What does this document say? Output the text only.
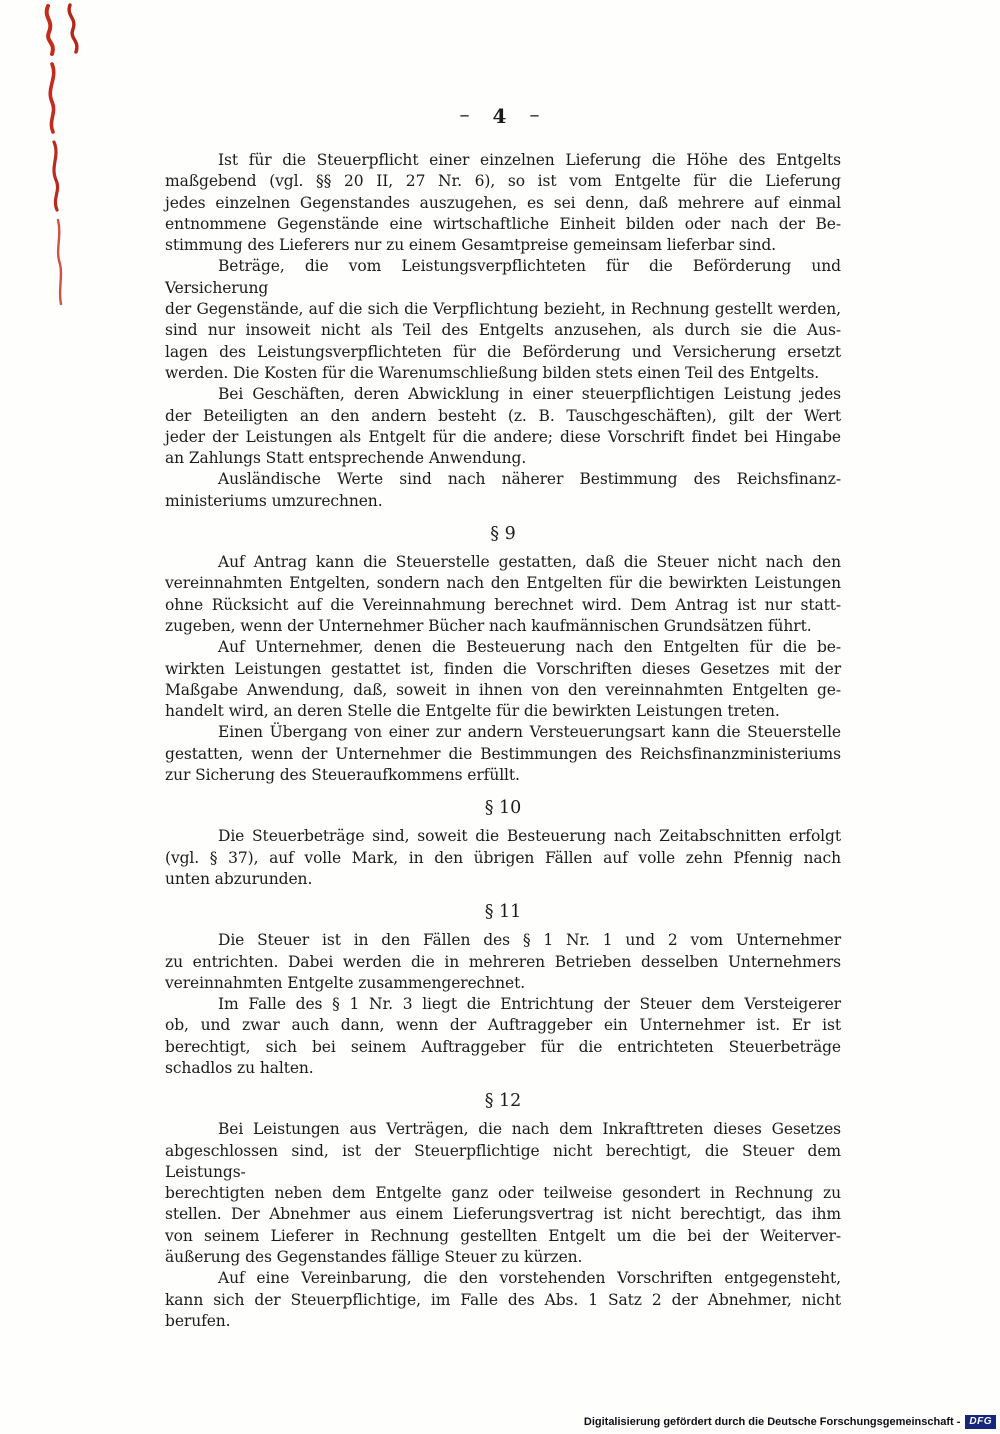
– 4 –
Ist für die Steuerpflicht einer einzelnen Lieferung die Höhe des Entgelts
maßgebend (vgl. §§ 20 II, 27 Nr. 6), so ist vom Entgelte für die Lieferung
jedes einzelnen Gegenstandes auszugehen, es sei denn, daß mehrere auf einmal
entnommene Gegenstände eine wirtschaftliche Einheit bilden oder nach der Be-
stimmung des Lieferers nur zu einem Gesamtpreise gemeinsam lieferbar sind.
Beträge, die vom Leistungsverpflichteten für die Beförderung und Versicherung
der Gegenstände, auf die sich die Verpflichtung bezieht, in Rechnung gestellt werden,
sind nur insoweit nicht als Teil des Entgelts anzusehen, als durch sie die Aus-
lagen des Leistungsverpflichteten für die Beförderung und Versicherung ersetzt
werden. Die Kosten für die Warenumschließung bilden stets einen Teil des Entgelts.
Bei Geschäften, deren Abwicklung in einer steuerpflichtigen Leistung jedes
der Beteiligten an den andern besteht (z. B. Tauschgeschäften), gilt der Wert
jeder der Leistungen als Entgelt für die andere; diese Vorschrift findet bei Hingabe
an Zahlungs Statt entsprechende Anwendung.
Ausländische Werte sind nach näherer Bestimmung des Reichsfinanz-
ministeriums umzurechnen.
§ 9
Auf Antrag kann die Steuerstelle gestatten, daß die Steuer nicht nach den
vereinnahmten Entgelten, sondern nach den Entgelten für die bewirkten Leistungen
ohne Rücksicht auf die Vereinnahmung berechnet wird. Dem Antrag ist nur statt-
zugeben, wenn der Unternehmer Bücher nach kaufmännischen Grundsätzen führt.
Auf Unternehmer, denen die Besteuerung nach den Entgelten für die be-
wirkten Leistungen gestattet ist, finden die Vorschriften dieses Gesetzes mit der
Maßgabe Anwendung, daß, soweit in ihnen von den vereinnahmten Entgelten ge-
handelt wird, an deren Stelle die Entgelte für die bewirkten Leistungen treten.
Einen Übergang von einer zur andern Versteuerungsart kann die Steuerstelle
gestatten, wenn der Unternehmer die Bestimmungen des Reichsfinanzministeriums
zur Sicherung des Steueraufkommens erfüllt.
§ 10
Die Steuerbeträge sind, soweit die Besteuerung nach Zeitabschnitten erfolgt
(vgl. § 37), auf volle Mark, in den übrigen Fällen auf volle zehn Pfennig nach
unten abzurunden.
§ 11
Die Steuer ist in den Fällen des § 1 Nr. 1 und 2 vom Unternehmer
zu entrichten. Dabei werden die in mehreren Betrieben desselben Unternehmers
vereinnahmten Entgelte zusammengerechnet.
Im Falle des § 1 Nr. 3 liegt die Entrichtung der Steuer dem Versteigerer
ob, und zwar auch dann, wenn der Auftraggeber ein Unternehmer ist. Er ist
berechtigt, sich bei seinem Auftraggeber für die entrichteten Steuerbeträge
schadlos zu halten.
§ 12
Bei Leistungen aus Verträgen, die nach dem Inkrafttreten dieses Gesetzes
abgeschlossen sind, ist der Steuerpflichtige nicht berechtigt, die Steuer dem Leistungs-
berechtigten neben dem Entgelte ganz oder teilweise gesondert in Rechnung zu
stellen. Der Abnehmer aus einem Lieferungsvertrag ist nicht berechtigt, das ihm
von seinem Lieferer in Rechnung gestellten Entgelt um die bei der Weiterver-
äußerung des Gegenstandes fällige Steuer zu kürzen.
Auf eine Vereinbarung, die den vorstehenden Vorschriften entgegensteht,
kann sich der Steuerpflichtige, im Falle des Abs. 1 Satz 2 der Abnehmer, nicht
berufen.
Digitalisierung gefördert durch die Deutsche Forschungsgemeinschaft - DFG
